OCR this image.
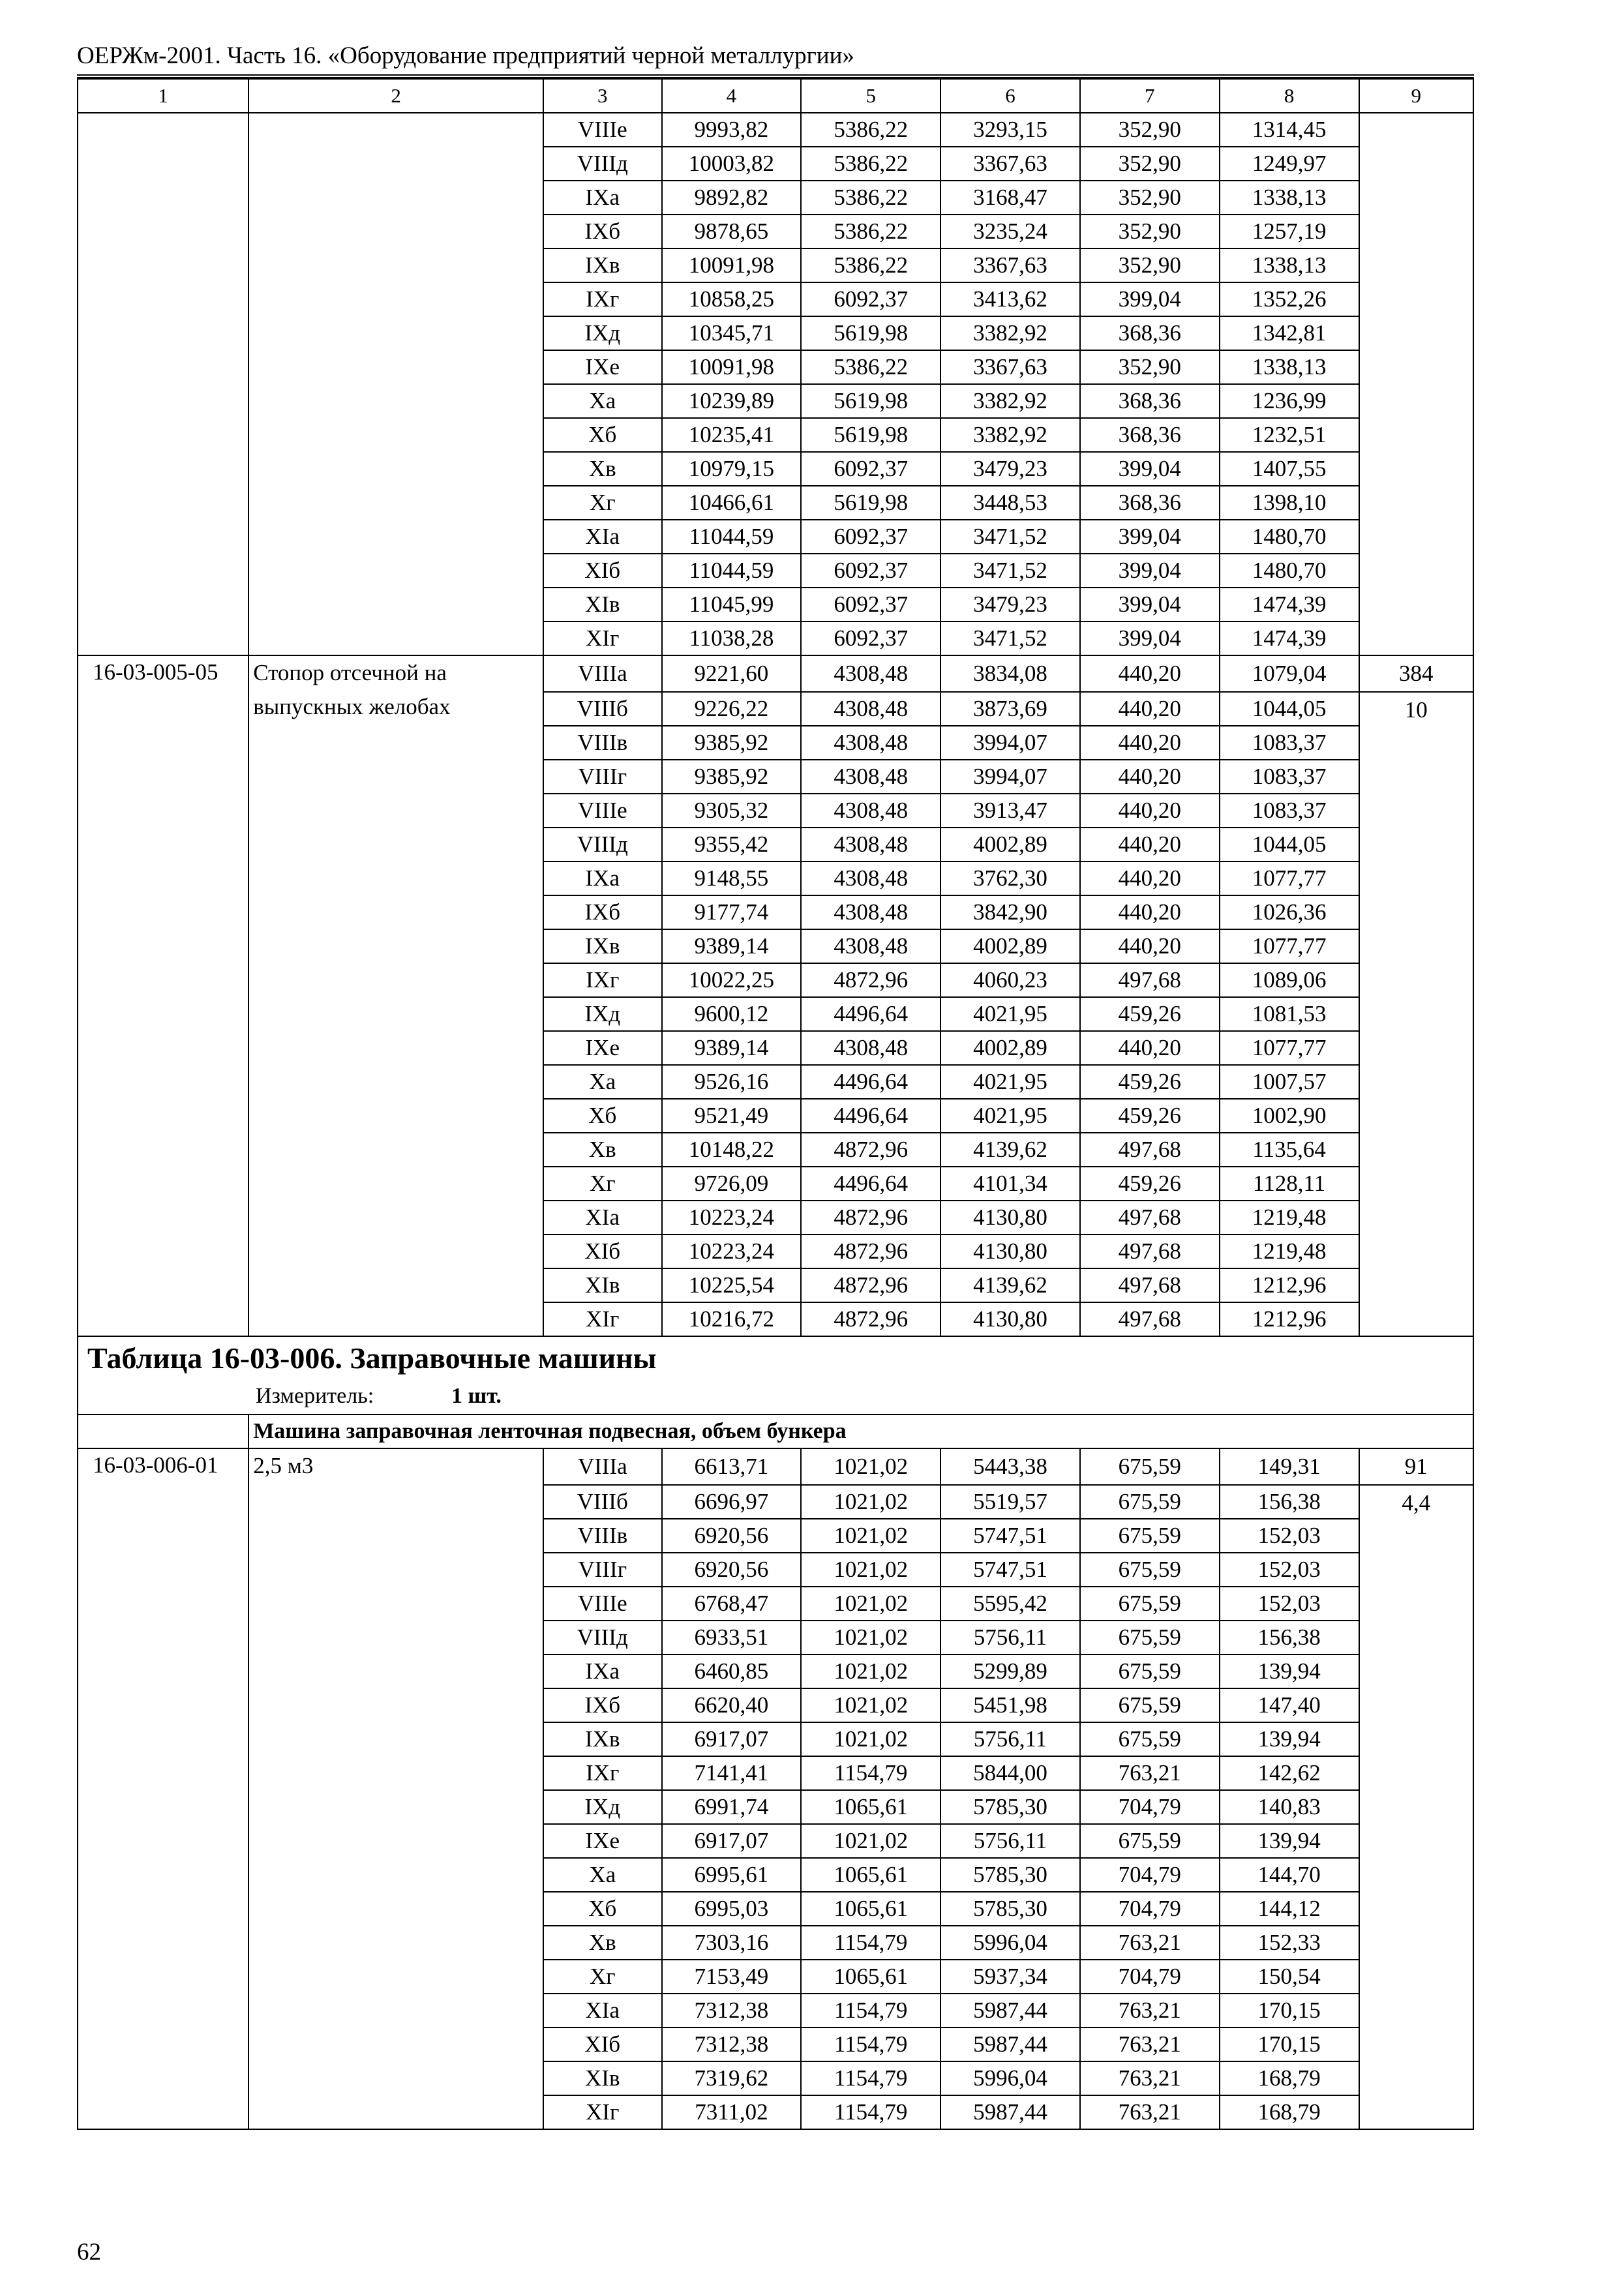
ОЕРЖм-2001. Часть 16. «Оборудование предприятий черной металлургии»
1	2	3	4	5	6	7	8	9
		VIIIe	9993,82	5386,22	3293,15	352,90	1314,45	
		VIIIд	10003,82	5386,22	3367,63	352,90	1249,97	
		IXа	9892,82	5386,22	3168,47	352,90	1338,13	
		IXб	9878,65	5386,22	3235,24	352,90	1257,19	
		IXв	10091,98	5386,22	3367,63	352,90	1338,13	
		IXг	10858,25	6092,37	3413,62	399,04	1352,26	
		IXд	10345,71	5619,98	3382,92	368,36	1342,81	
		IXе	10091,98	5386,22	3367,63	352,90	1338,13	
		Xа	10239,89	5619,98	3382,92	368,36	1236,99	
		Xб	10235,41	5619,98	3382,92	368,36	1232,51	
		Xв	10979,15	6092,37	3479,23	399,04	1407,55	
		Xг	10466,61	5619,98	3448,53	368,36	1398,10	
		XIа	11044,59	6092,37	3471,52	399,04	1480,70	
		XIб	11044,59	6092,37	3471,52	399,04	1480,70	
		XIв	11045,99	6092,37	3479,23	399,04	1474,39	
		XIг	11038,28	6092,37	3471,52	399,04	1474,39	
16-03-005-05	Стопор отсечной на выпускных желобах	VIIIа	9221,60	4308,48	3834,08	440,20	1079,04	384
		VIIIб	9226,22	4308,48	3873,69	440,20	1044,05	10
		VIIIв	9385,92	4308,48	3994,07	440,20	1083,37	
		VIIIг	9385,92	4308,48	3994,07	440,20	1083,37	
		VIIIе	9305,32	4308,48	3913,47	440,20	1083,37	
		VIIIд	9355,42	4308,48	4002,89	440,20	1044,05	
		IXа	9148,55	4308,48	3762,30	440,20	1077,77	
		IXб	9177,74	4308,48	3842,90	440,20	1026,36	
		IXв	9389,14	4308,48	4002,89	440,20	1077,77	
		IXг	10022,25	4872,96	4060,23	497,68	1089,06	
		IXд	9600,12	4496,64	4021,95	459,26	1081,53	
		IXе	9389,14	4308,48	4002,89	440,20	1077,77	
		Xа	9526,16	4496,64	4021,95	459,26	1007,57	
		Xб	9521,49	4496,64	4021,95	459,26	1002,90	
		Xв	10148,22	4872,96	4139,62	497,68	1135,64	
		Xг	9726,09	4496,64	4101,34	459,26	1128,11	
		XIа	10223,24	4872,96	4130,80	497,68	1219,48	
		XIб	10223,24	4872,96	4130,80	497,68	1219,48	
		XIв	10225,54	4872,96	4139,62	497,68	1212,96	
		XIг	10216,72	4872,96	4130,80	497,68	1212,96	
Таблица 16-03-006. Заправочные машины								
Измеритель: 1 шт.								
	Машина заправочная ленточная подвесная, объем бункера							
16-03-006-01	2,5 м3	VIIIа	6613,71	1021,02	5443,38	675,59	149,31	91
		VIIIб	6696,97	1021,02	5519,57	675,59	156,38	4,4
		VIIIв	6920,56	1021,02	5747,51	675,59	152,03	
		VIIIг	6920,56	1021,02	5747,51	675,59	152,03	
		VIIIе	6768,47	1021,02	5595,42	675,59	152,03	
		VIIIд	6933,51	1021,02	5756,11	675,59	156,38	
		IXа	6460,85	1021,02	5299,89	675,59	139,94	
		IXб	6620,40	1021,02	5451,98	675,59	147,40	
		IXв	6917,07	1021,02	5756,11	675,59	139,94	
		IXг	7141,41	1154,79	5844,00	763,21	142,62	
		IXд	6991,74	1065,61	5785,30	704,79	140,83	
		IXе	6917,07	1021,02	5756,11	675,59	139,94	
		Xа	6995,61	1065,61	5785,30	704,79	144,70	
		Xб	6995,03	1065,61	5785,30	704,79	144,12	
		Xв	7303,16	1154,79	5996,04	763,21	152,33	
		Xг	7153,49	1065,61	5937,34	704,79	150,54	
		XIа	7312,38	1154,79	5987,44	763,21	170,15	
		XIб	7312,38	1154,79	5987,44	763,21	170,15	
		XIв	7319,62	1154,79	5996,04	763,21	168,79	
		XIг	7311,02	1154,79	5987,44	763,21	168,79	
62
